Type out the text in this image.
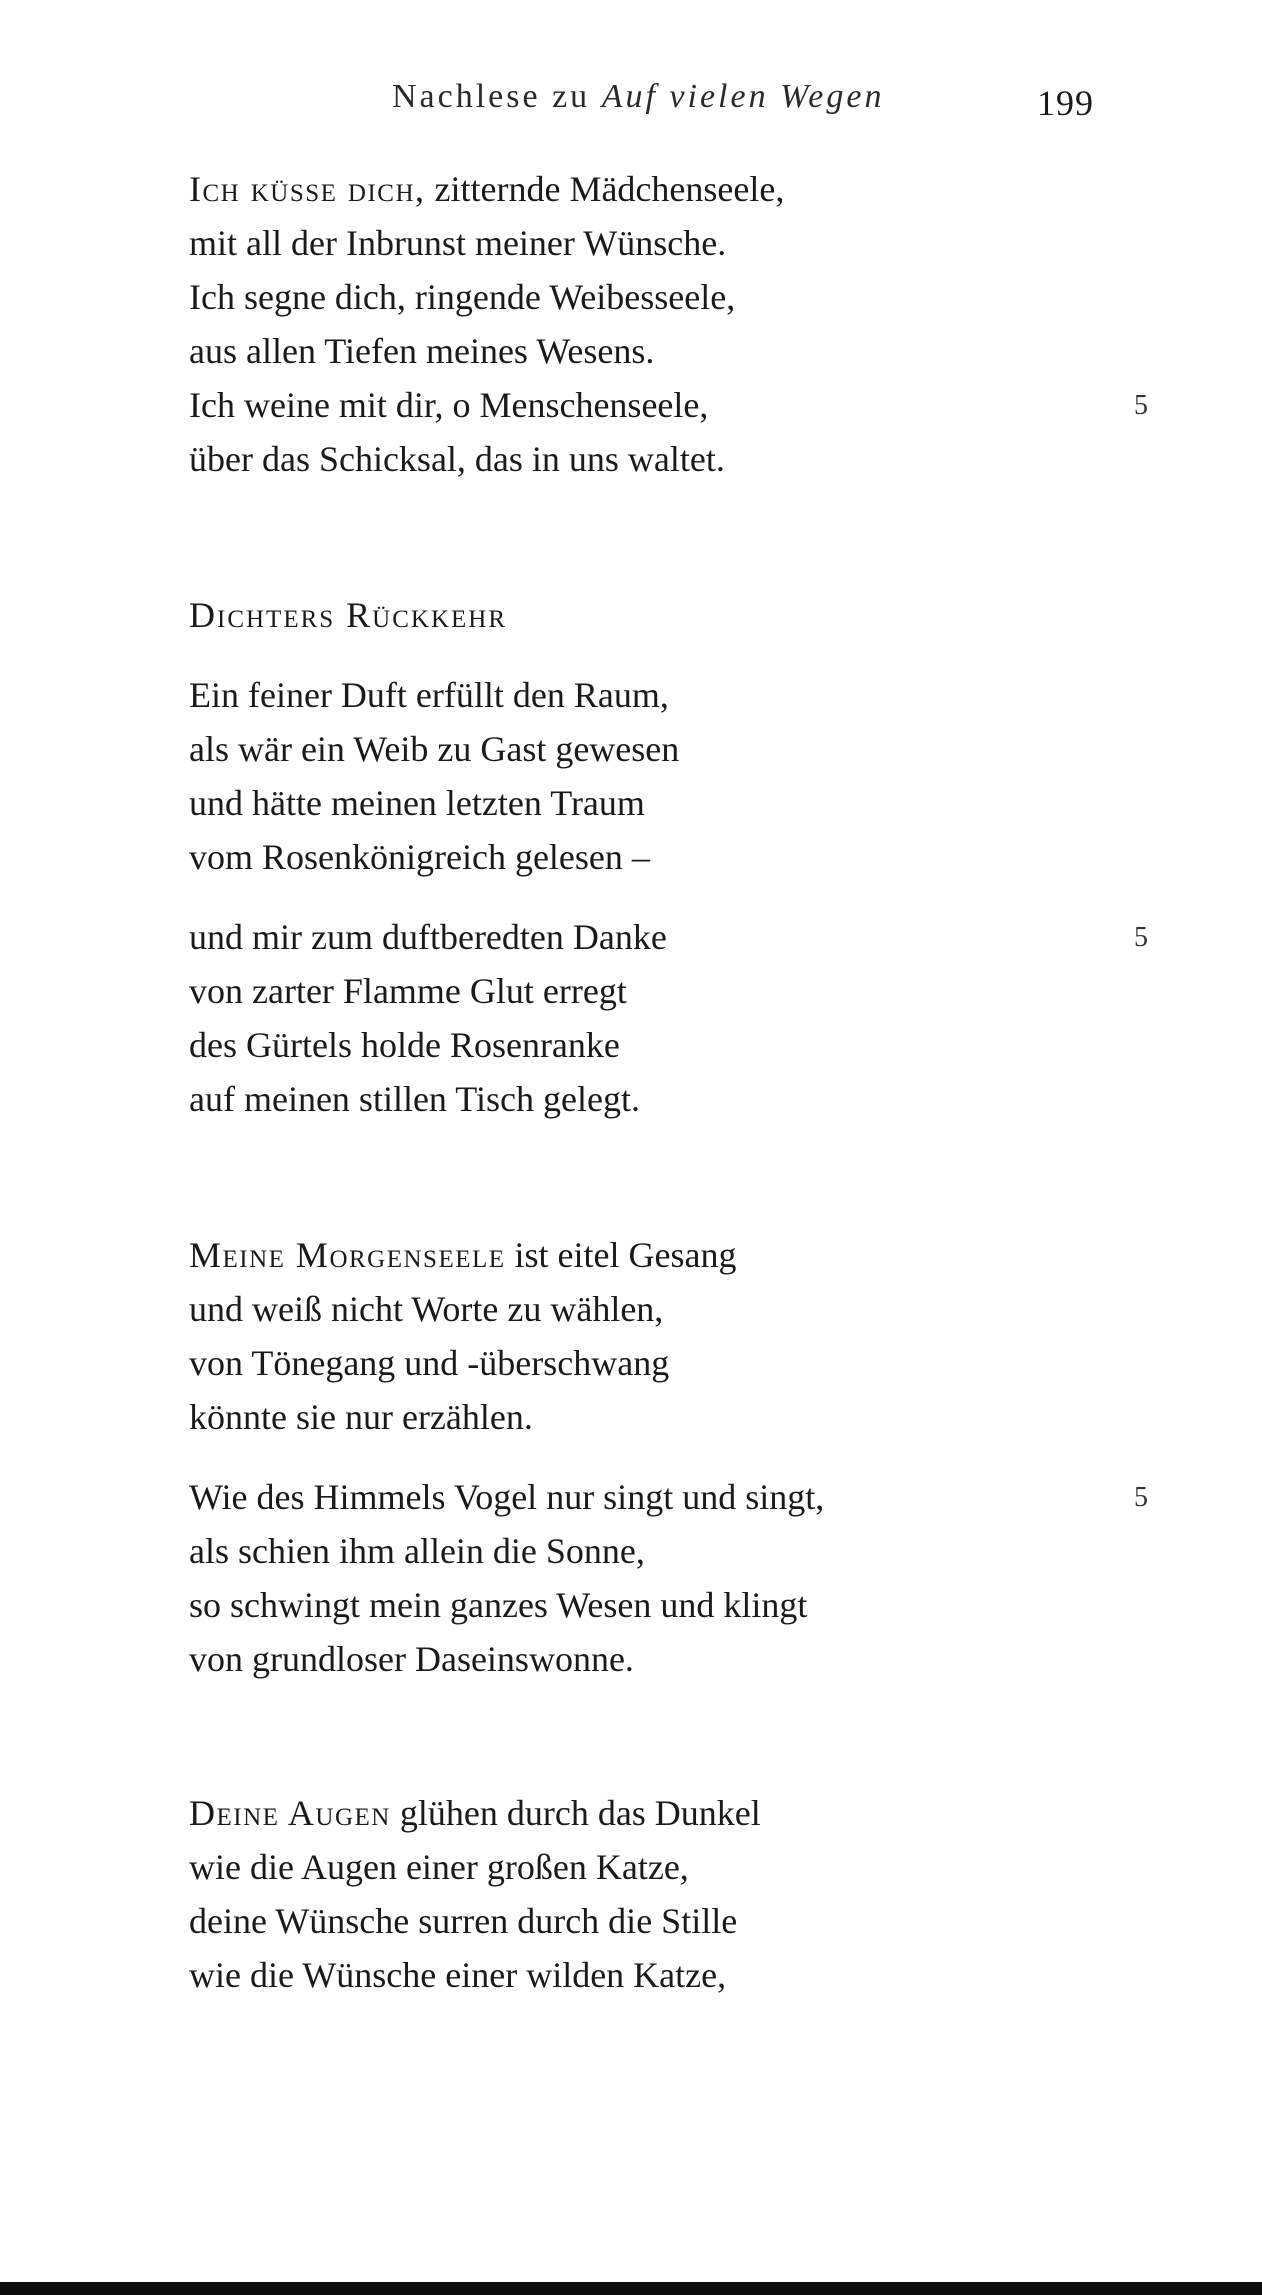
Nachlese zu Auf vielen Wegen	199
Ich küsse dich, zitternde Mädchenseele,
mit all der Inbrunst meiner Wünsche.
Ich segne dich, ringende Weibesseele,
aus allen Tiefen meines Wesens.
Ich weine mit dir, o Menschenseele,	5
über das Schicksal, das in uns waltet.
Dichters Rückkehr
Ein feiner Duft erfüllt den Raum,
als wär ein Weib zu Gast gewesen
und hätte meinen letzten Traum
vom Rosenkönigreich gelesen –
und mir zum duftberedten Danke	5
von zarter Flamme Glut erregt
des Gürtels holde Rosenranke
auf meinen stillen Tisch gelegt.
Meine Morgenseele ist eitel Gesang
und weiß nicht Worte zu wählen,
von Tönegang und -überschwang
könnte sie nur erzählen.
Wie des Himmels Vogel nur singt und singt,	5
als schien ihm allein die Sonne,
so schwingt mein ganzes Wesen und klingt
von grundloser Daseinswonne.
Deine Augen glühen durch das Dunkel
wie die Augen einer großen Katze,
deine Wünsche surren durch die Stille
wie die Wünsche einer wilden Katze,
